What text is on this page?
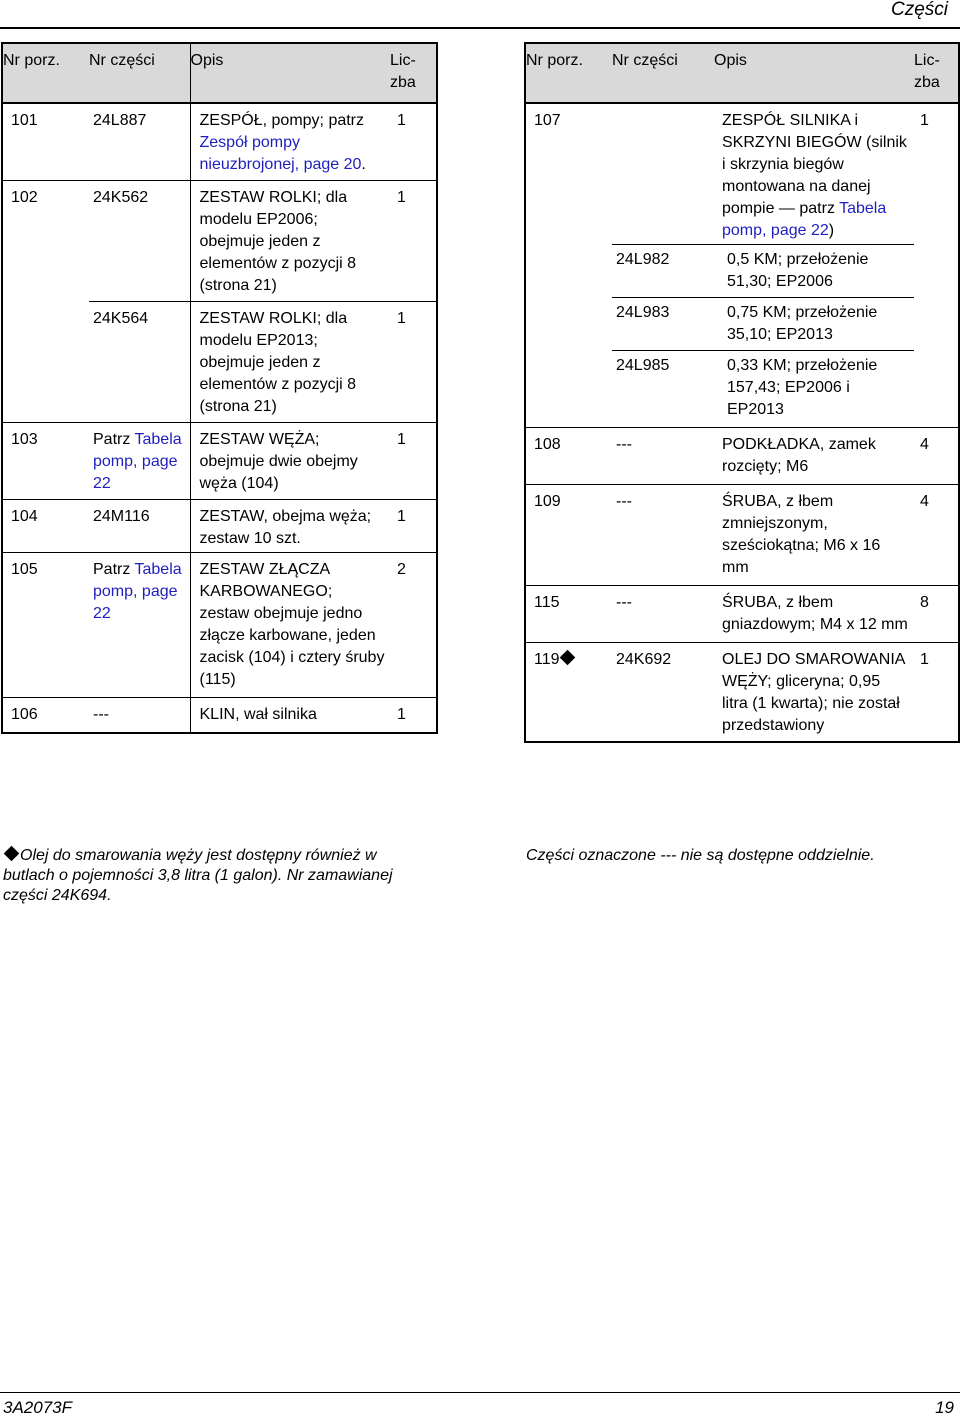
Części
Nr porz.	Nr części	Opis	Lic-
zba
101	24L887	ZESPÓŁ, pompy; patrz Zespół pompy nieuzbrojonej, page 20.	1
102	24K562	ZESTAW ROLKI; dla modelu EP2006; obejmuje jeden z elementów z pozycji 8 (strona 21)	1
	24K564	ZESTAW ROLKI; dla modelu EP2013; obejmuje jeden z elementów z pozycji 8 (strona 21)	1
103	Patrz Tabela pomp, page 22	ZESTAW WĘŻA; obejmuje dwie obejmy węża (104)	1
104	24M116	ZESTAW, obejma węża; zestaw 10 szt.	1
105	Patrz Tabela pomp, page 22	ZESTAW ZŁĄCZA KARBOWANEGO; zestaw obejmuje jedno złącze karbowane, jeden zacisk (104) i cztery śruby (115)	2
106	---	KLIN, wał silnika	1
Nr porz.	Nr części	Opis	Lic-
zba
107		ZESPÓŁ SILNIKA i SKRZYNI BIEGÓW (silnik i skrzynia biegów montowana na danej pompie — patrz Tabela pomp, page 22)	1
	24L982	0,5 KM; przełożenie 51,30; EP2006	
	24L983	0,75 KM; przełożenie 35,10; EP2013	
	24L985	0,33 KM; przełożenie 157,43; EP2006 i EP2013	
108	---	PODKŁADKA, zamek rozcięty; M6	4
109	---	ŚRUBA, z łbem zmniejszonym, sześciokątna; M6 x 16 mm	4
115	---	ŚRUBA, z łbem gniazdowym; M4 x 12 mm	8
119	24K692	OLEJ DO SMAROWANIA WĘŻY; gliceryna; 0,95 litra (1 kwarta); nie został przedstawiony	1
Olej do smarowania węży jest dostępny również w butlach o pojemności 3,8 litra (1 galon). Nr zamawianej części 24K694.
Części oznaczone --- nie są dostępne oddzielnie.
3A2073F	19
